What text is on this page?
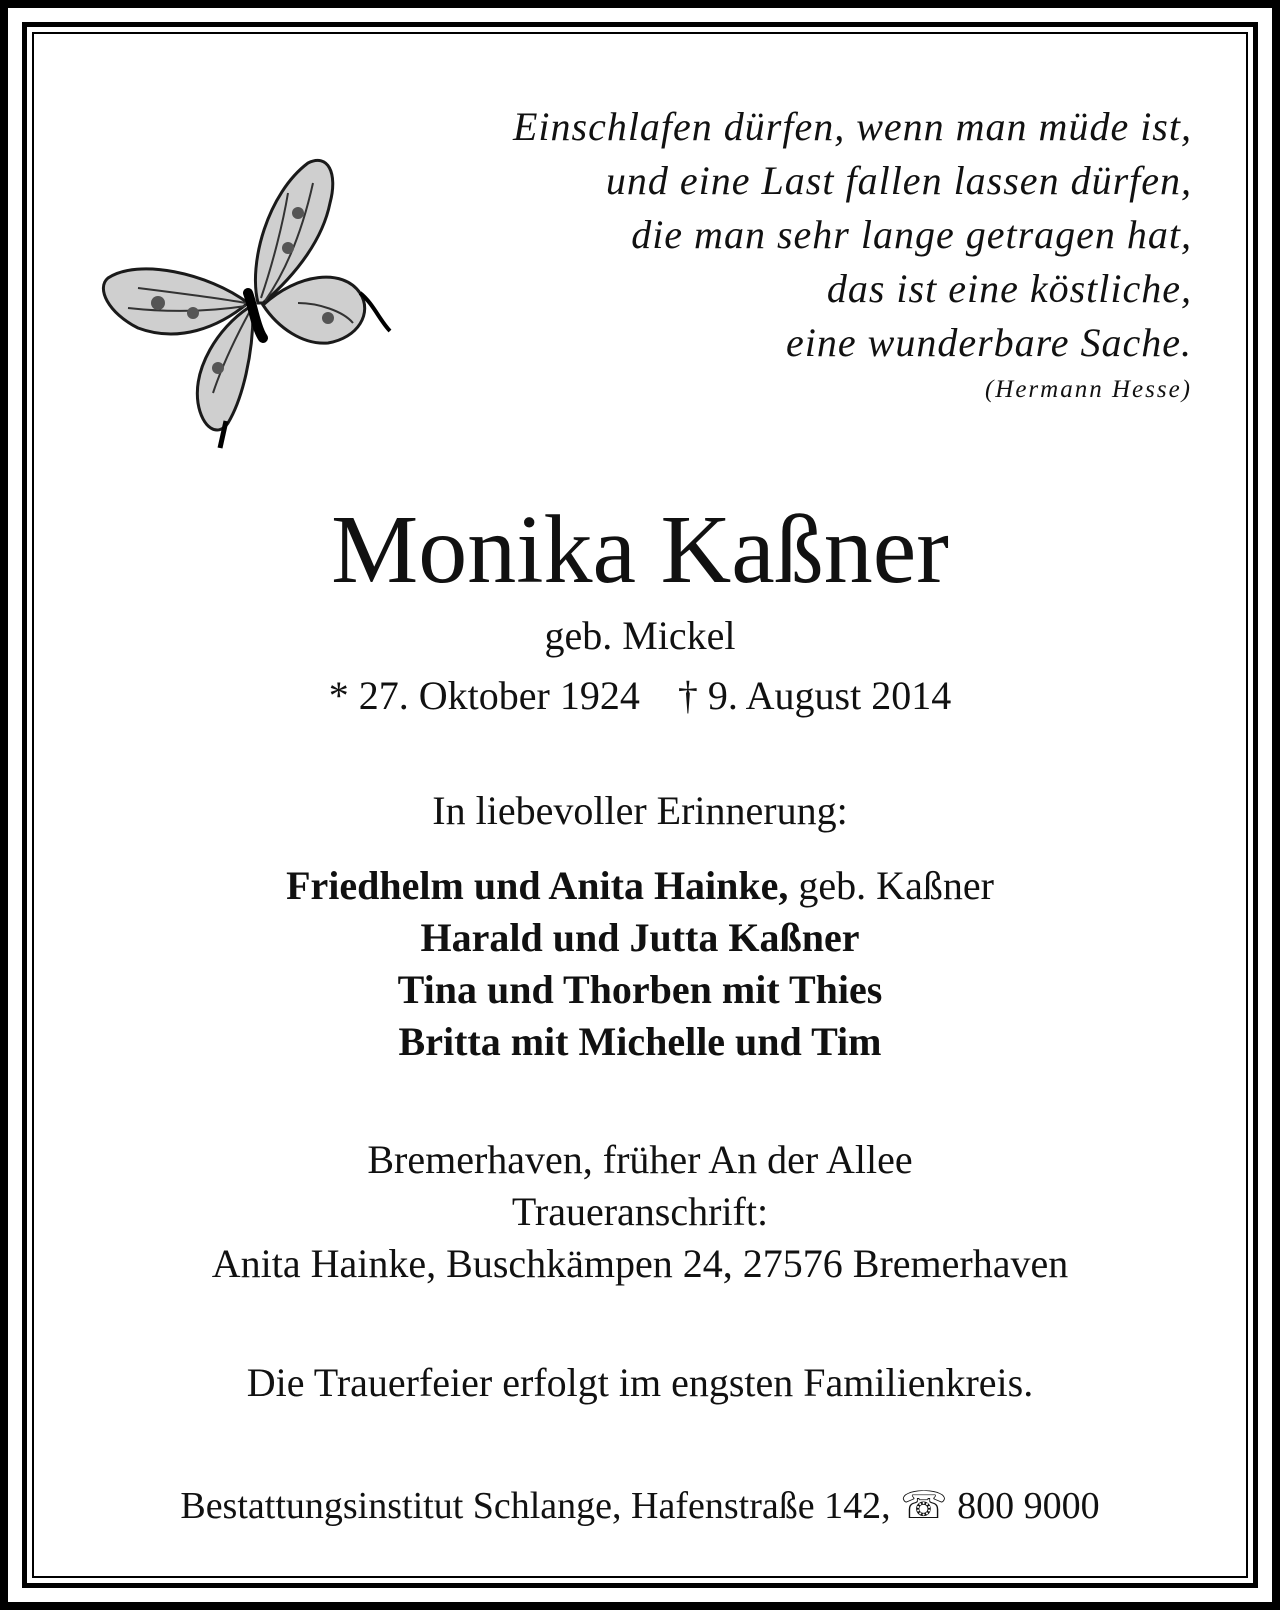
Einschlafen dürfen, wenn man müde ist,
und eine Last fallen lassen dürfen,
die man sehr lange getragen hat,
das ist eine köstliche,
eine wunderbare Sache.
(Hermann Hesse)
Monika Kaßner
geb. Mickel
* 27. Oktober 1924 † 9. August 2014
In liebevoller Erinnerung:
Friedhelm und Anita Hainke, geb. Kaßner
Harald und Jutta Kaßner
Tina und Thorben mit Thies
Britta mit Michelle und Tim
Bremerhaven, früher An der Allee
Traueranschrift:
Anita Hainke, Buschkämpen 24, 27576 Bremerhaven
Die Trauerfeier erfolgt im engsten Familienkreis.
Bestattungsinstitut Schlange, Hafenstraße 142, ☏ 800 9000
